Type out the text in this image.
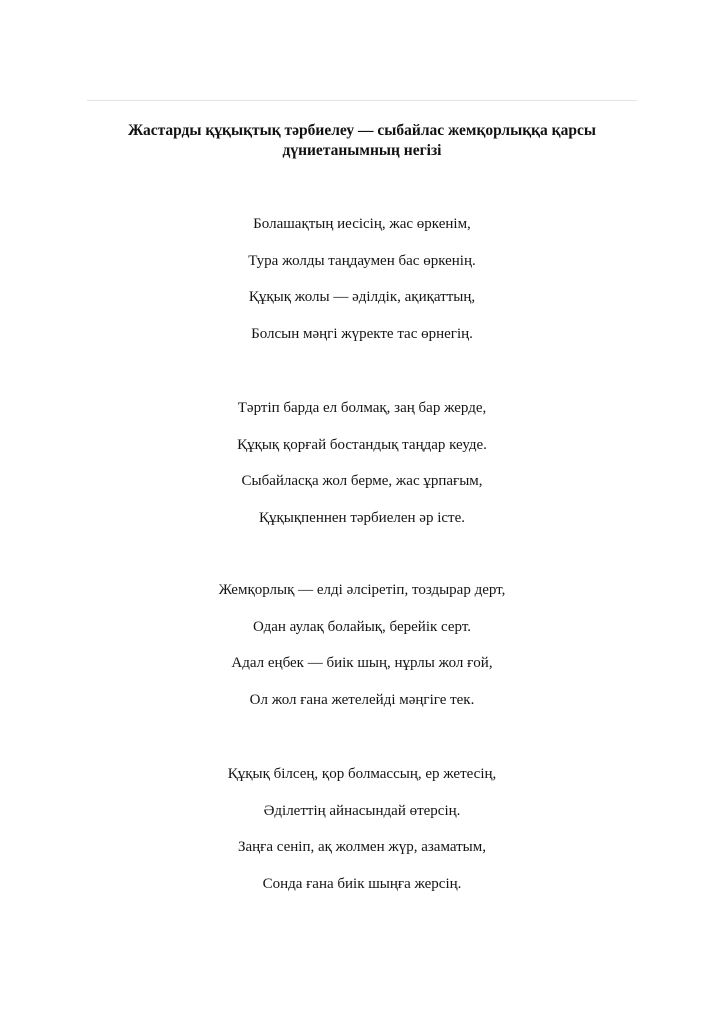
Жастарды құқықтық тәрбиелеу — сыбайлас жемқорлыққа қарсы
дүниетанымның негізі
Болашақтың иесісің, жас өркенім,
Тура жолды таңдаумен бас өркенің.
Құқық жолы — әділдік, ақиқаттың,
Болсын мәңгі жүректе тас өрнегің.
Тәртіп барда ел болмақ, заң бар жерде,
Құқық қорғай бостандық таңдар кеуде.
Сыбайласқа жол берме, жас ұрпағым,
Құқықпеннен тәрбиелен әр істе.
Жемқорлық — елді әлсіретіп, тоздырар дерт,
Одан аулақ болайық, берейік серт.
Адал еңбек — биік шың, нұрлы жол ғой,
Ол жол ғана жетелейді мәңгіге тек.
Құқық білсең, қор болмассың, ер жетесің,
Әділеттің айнасындай өтерсің.
Заңға сеніп, ақ жолмен жүр, азаматым,
Сонда ғана биік шыңға жерсің.
